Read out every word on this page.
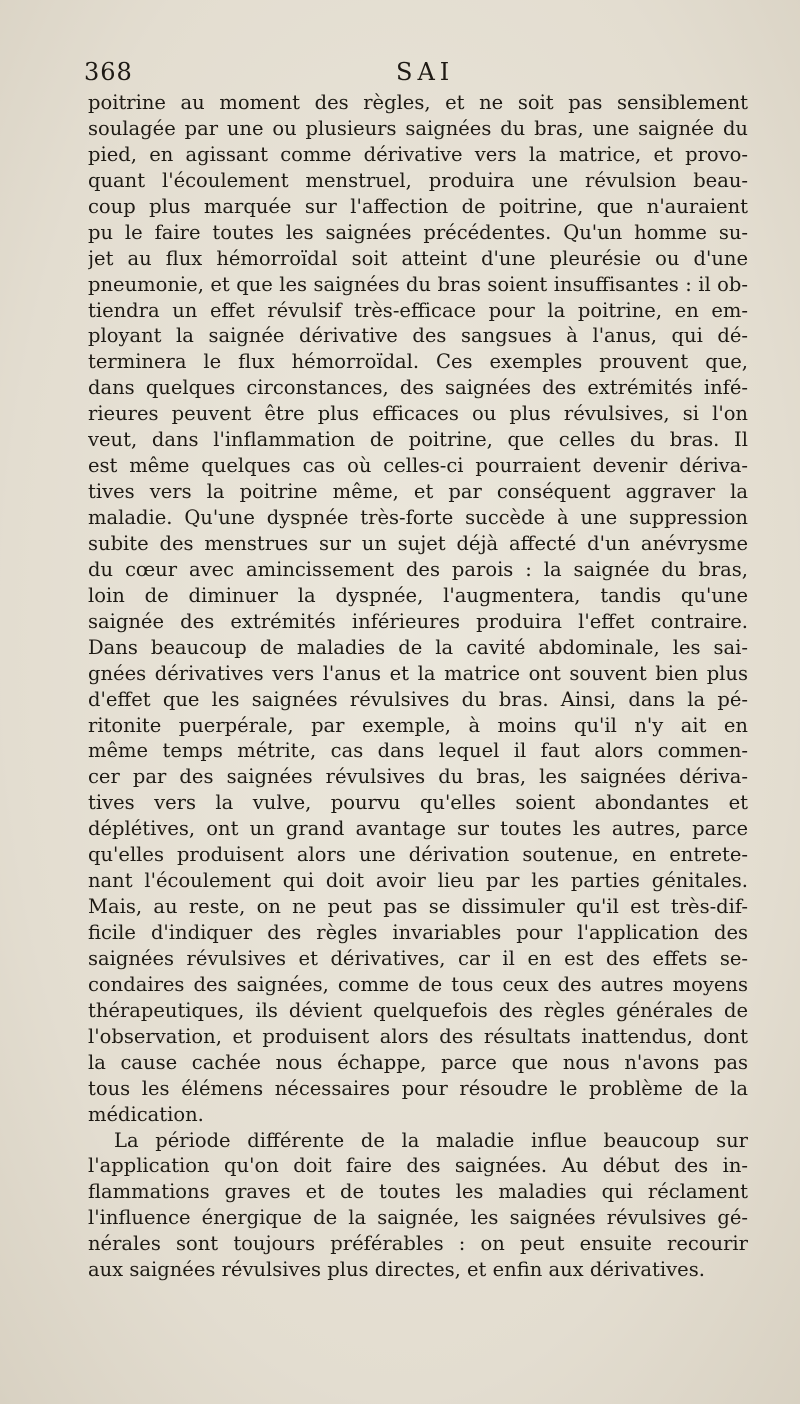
368	SAI
poitrine au moment des règles, et ne soit pas sensiblement
soulagée par une ou plusieurs saignées du bras, une saignée du
pied, en agissant comme dérivative vers la matrice, et provo-
quant l'écoulement menstruel, produira une révulsion beau-
coup plus marquée sur l'affection de poitrine, que n'auraient
pu le faire toutes les saignées précédentes. Qu'un homme su-
jet au flux hémorroïdal soit atteint d'une pleurésie ou d'une
pneumonie, et que les saignées du bras soient insuffisantes : il ob-
tiendra un effet révulsif très-efficace pour la poitrine, en em-
ployant la saignée dérivative des sangsues à l'anus, qui dé-
terminera le flux hémorroïdal. Ces exemples prouvent que,
dans quelques circonstances, des saignées des extrémités infé-
rieures peuvent être plus efficaces ou plus révulsives, si l'on
veut, dans l'inflammation de poitrine, que celles du bras. Il
est même quelques cas où celles-ci pourraient devenir dériva-
tives vers la poitrine même, et par conséquent aggraver la
maladie. Qu'une dyspnée très-forte succède à une suppression
subite des menstrues sur un sujet déjà affecté d'un anévrysme
du cœur avec amincissement des parois : la saignée du bras,
loin de diminuer la dyspnée, l'augmentera, tandis qu'une
saignée des extrémités inférieures produira l'effet contraire.
Dans beaucoup de maladies de la cavité abdominale, les sai-
gnées dérivatives vers l'anus et la matrice ont souvent bien plus
d'effet que les saignées révulsives du bras. Ainsi, dans la pé-
ritonite puerpérale, par exemple, à moins qu'il n'y ait en
même temps métrite, cas dans lequel il faut alors commen-
cer par des saignées révulsives du bras, les saignées dériva-
tives vers la vulve, pourvu qu'elles soient abondantes et
déplétives, ont un grand avantage sur toutes les autres, parce
qu'elles produisent alors une dérivation soutenue, en entrete-
nant l'écoulement qui doit avoir lieu par les parties génitales.
Mais, au reste, on ne peut pas se dissimuler qu'il est très-dif-
ficile d'indiquer des règles invariables pour l'application des
saignées révulsives et dérivatives, car il en est des effets se-
condaires des saignées, comme de tous ceux des autres moyens
thérapeutiques, ils dévient quelquefois des règles générales de
l'observation, et produisent alors des résultats inattendus, dont
la cause cachée nous échappe, parce que nous n'avons pas
tous les élémens nécessaires pour résoudre le problème de la
médication.
La période différente de la maladie influe beaucoup sur
l'application qu'on doit faire des saignées. Au début des in-
flammations graves et de toutes les maladies qui réclament
l'influence énergique de la saignée, les saignées révulsives gé-
nérales sont toujours préférables : on peut ensuite recourir
aux saignées révulsives plus directes, et enfin aux dérivatives.
